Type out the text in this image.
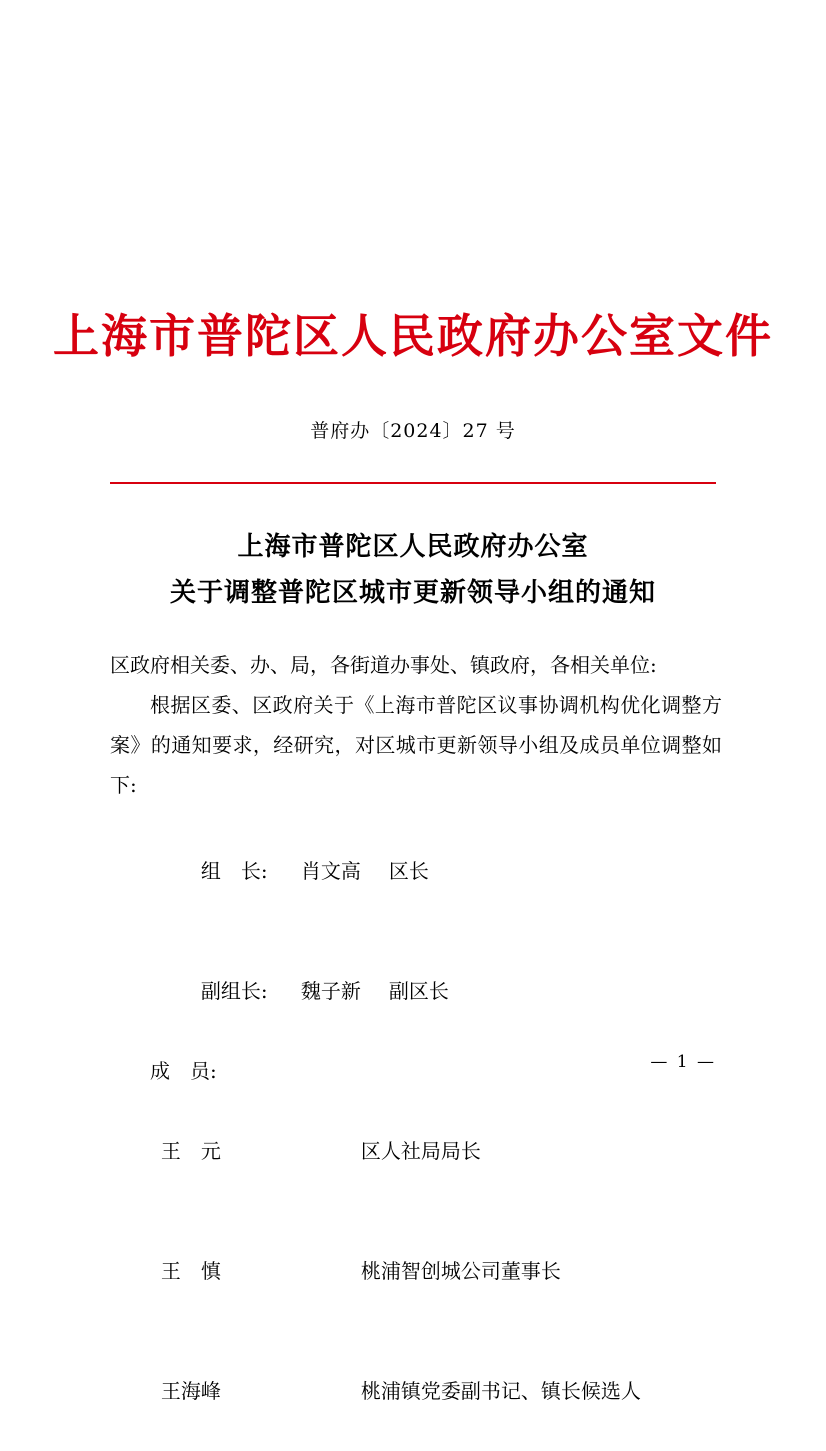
上海市普陀区人民政府办公室文件
普府办〔2024〕27 号
上海市普陀区人民政府办公室
关于调整普陀区城市更新领导小组的通知

区政府相关委、办、局，各街道办事处、镇政府，各相关单位:

根据区委、区政府关于《上海市普陀区议事协调机构优化调整方案》的通知要求，经研究，对区城市更新领导小组及成员单位调整如下:

组　长: 肖文高 区长

副组长: 魏子新 副区长

成　员:

王　元	区人社局局长

王　慎	桃浦智创城公司董事长

王海峰	桃浦镇党委副书记、镇长候选人

— 1 —
